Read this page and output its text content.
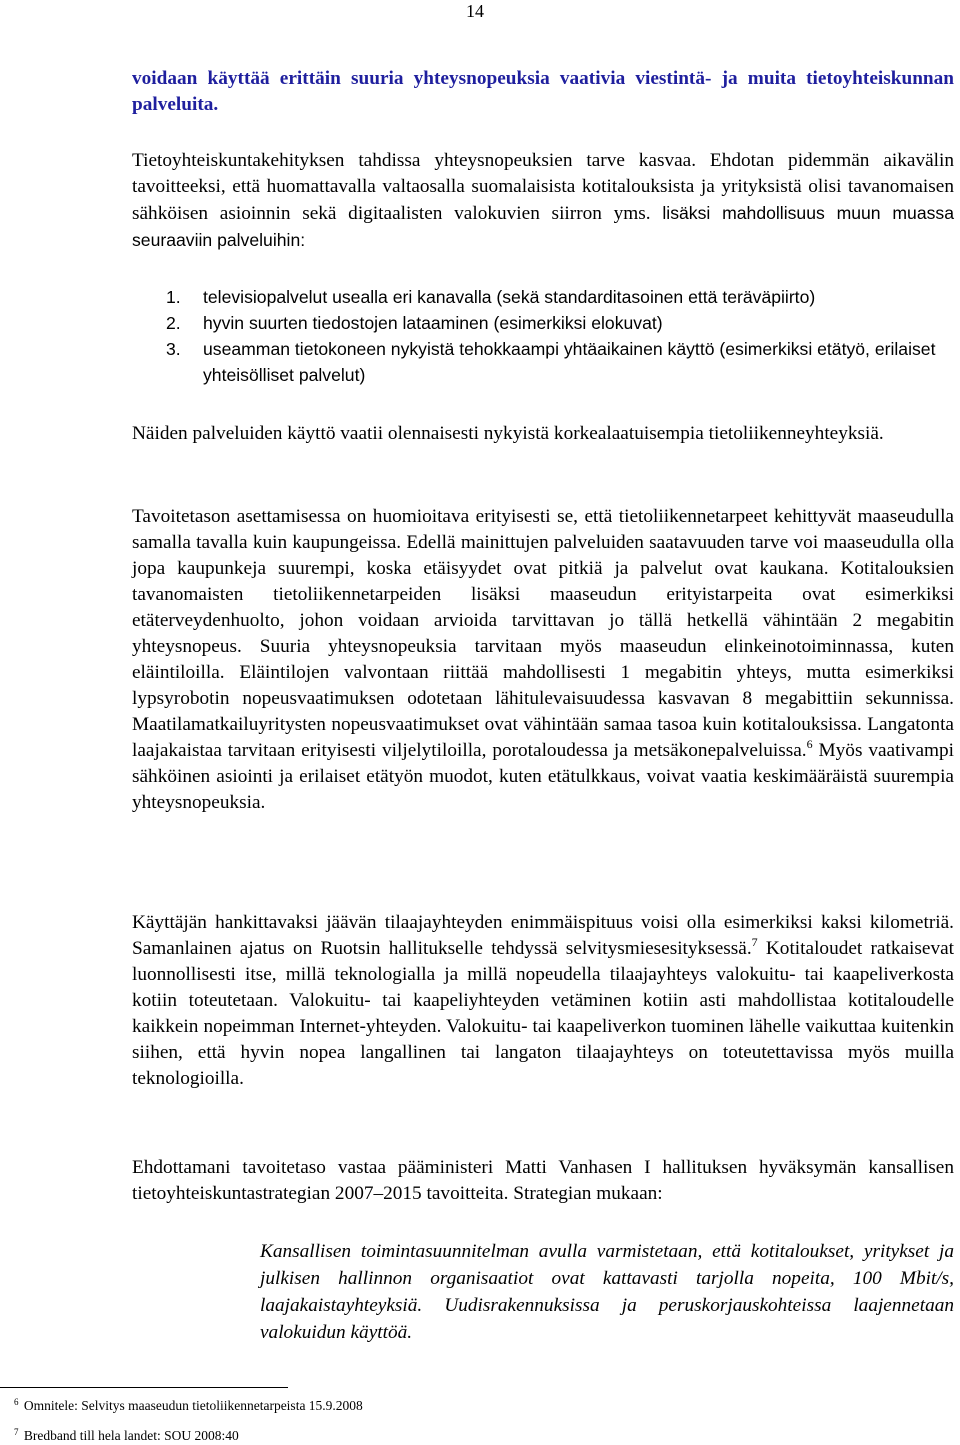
14

voidaan käyttää erittäin suuria yhteysnopeuksia vaativia viestintä- ja muita tietoyhteiskunnan palveluita.

Tietoyhteiskuntakehityksen tahdissa yhteysnopeuksien tarve kasvaa. Ehdotan pidemmän aikavälin tavoitteeksi, että huomattavalla valtaosalla suomalaisista kotitalouksista ja yrityksistä olisi tavanomaisen sähköisen asioinnin sekä digitaalisten valokuvien siirron yms. lisäksi mahdollisuus muun muassa seuraaviin palveluihin:

1. televisiopalvelut usealla eri kanavalla (sekä standarditasoinen että teräväpiirto)
2. hyvin suurten tiedostojen lataaminen (esimerkiksi elokuvat)
3. useamman tietokoneen nykyistä tehokkaampi yhtäaikainen käyttö (esimerkiksi etätyö, erilaiset yhteisölliset palvelut)

Näiden palveluiden käyttö vaatii olennaisesti nykyistä korkealaatuisempia tietoliikenneyhteyksiä.

Tavoitetason asettamisessa on huomioitava erityisesti se, että tietoliikennetarpeet kehittyvät maaseudulla samalla tavalla kuin kaupungeissa. Edellä mainittujen palveluiden saatavuuden tarve voi maaseudulla olla jopa kaupunkeja suurempi, koska etäisyydet ovat pitkiä ja palvelut ovat kaukana. Kotitalouksien tavanomaisten tietoliikennetarpeiden lisäksi maaseudun erityistarpeita ovat esimerkiksi etäterveydenhuolto, johon voidaan arvioida tarvittavan jo tällä hetkellä vähintään 2 megabitin yhteysnopeus. Suuria yhteysnopeuksia tarvitaan myös maaseudun elinkeinotoiminnassa, kuten eläintiloilla. Eläintilojen valvontaan riittää mahdollisesti 1 megabitin yhteys, mutta esimerkiksi lypsyrobotin nopeusvaatimuksen odotetaan lähitulevaisuudessa kasvavan 8 megabittiin sekunnissa. Maatilamatkailuyritysten nopeusvaatimukset ovat vähintään samaa tasoa kuin kotitalouksissa. Langatonta laajakaistaa tarvitaan erityisesti viljelytiloilla, porotaloudessa ja metsäkonepalveluissa.$^6$ Myös vaativampi sähköinen asiointi ja erilaiset etätyön muodot, kuten etätulkkaus, voivat vaatia keskimääräistä suurempia yhteysnopeuksia.

Käyttäjän hankittavaksi jäävän tilaajayhteyden enimmäispituus voisi olla esimerkiksi kaksi kilometriä. Samanlainen ajatus on Ruotsin hallitukselle tehdyssä selvitysmiesesityksessä.$^7$ Kotitaloudet ratkaisevat luonnollisesti itse, millä teknologialla ja millä nopeudella tilaajayhteys valokuitu- tai kaapeliverkosta kotiin toteutetaan. Valokuitu- tai kaapeliyhteyden vetäminen kotiin asti mahdollistaa kotitaloudelle kaikkein nopeimman Internet-yhteyden. Valokuitu- tai kaapeliverkon tuominen lähelle vaikuttaa kuitenkin siihen, että hyvin nopea langallinen tai langaton tilaajayhteys on toteutettavissa myös muilla teknologioilla.

Ehdottamani tavoitetaso vastaa pääministeri Matti Vanhasen I hallituksen hyväksymän kansallisen tietoyhteiskuntastrategian 2007–2015 tavoitteita. Strategian mukaan:

Kansallisen toimintasuunnitelman avulla varmistetaan, että kotitaloukset, yritykset ja julkisen hallinnon organisaatiot ovat kattavasti tarjolla nopeita, 100 Mbit/s, laajakaistayhteyksiä. Uudisrakennuksissa ja peruskorjauskohteissa laajennetaan valokuidun käyttöä.

$^6$ Omnitele: Selvitys maaseudun tietoliikennetarpeista 15.9.2008

$^7$ Bredband till hela landet: SOU 2008:40
